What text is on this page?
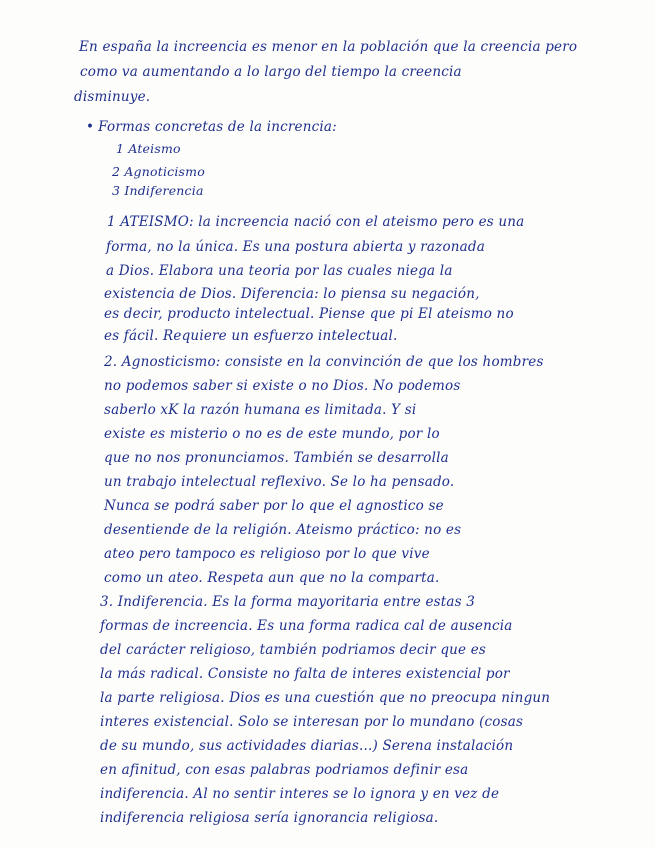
En españa la increencia es menor en la población que la creencia pero

como va aumentando a lo largo del tiempo la creencia

disminuye.

• Formas concretas de la increncia:

1 Ateismo

2 Agnoticismo

3 Indiferencia

1 ATEISMO: la increencia nació con el ateismo pero es una

forma, no la única. Es una postura abierta y razonada

a Dios. Elabora una teoria por las cuales niega la

existencia de Dios. Diferencia: lo piensa su negación,

es decir, producto intelectual. Piense que pi El ateismo no

es fácil. Requiere un esfuerzo intelectual.

2. Agnosticismo: consiste en la convinción de que los hombres

no podemos saber si existe o no Dios. No podemos

saberlo xK la razón humana es limitada. Y si

existe es misterio o no es de este mundo, por lo

que no nos pronunciamos. También se desarrolla

un trabajo intelectual reflexivo. Se lo ha pensado.

Nunca se podrá saber por lo que el agnostico se

desentiende de la religión. Ateismo práctico: no es

ateo pero tampoco es religioso por lo que vive

como un ateo. Respeta aun que no la comparta.

3. Indiferencia. Es la forma mayoritaria entre estas 3

formas de increencia. Es una forma radica cal de ausencia

del carácter religioso, también podriamos decir que es

la más radical. Consiste no falta de interes existencial por

la parte religiosa. Dios es una cuestión que no preocupa ningun

interes existencial. Solo se interesan por lo mundano (cosas

de su mundo, sus actividades diarias...) Serena instalación

en afinitud, con esas palabras podriamos definir esa

indiferencia. Al no sentir interes se lo ignora y en vez de

indiferencia religiosa sería ignorancia religiosa.
